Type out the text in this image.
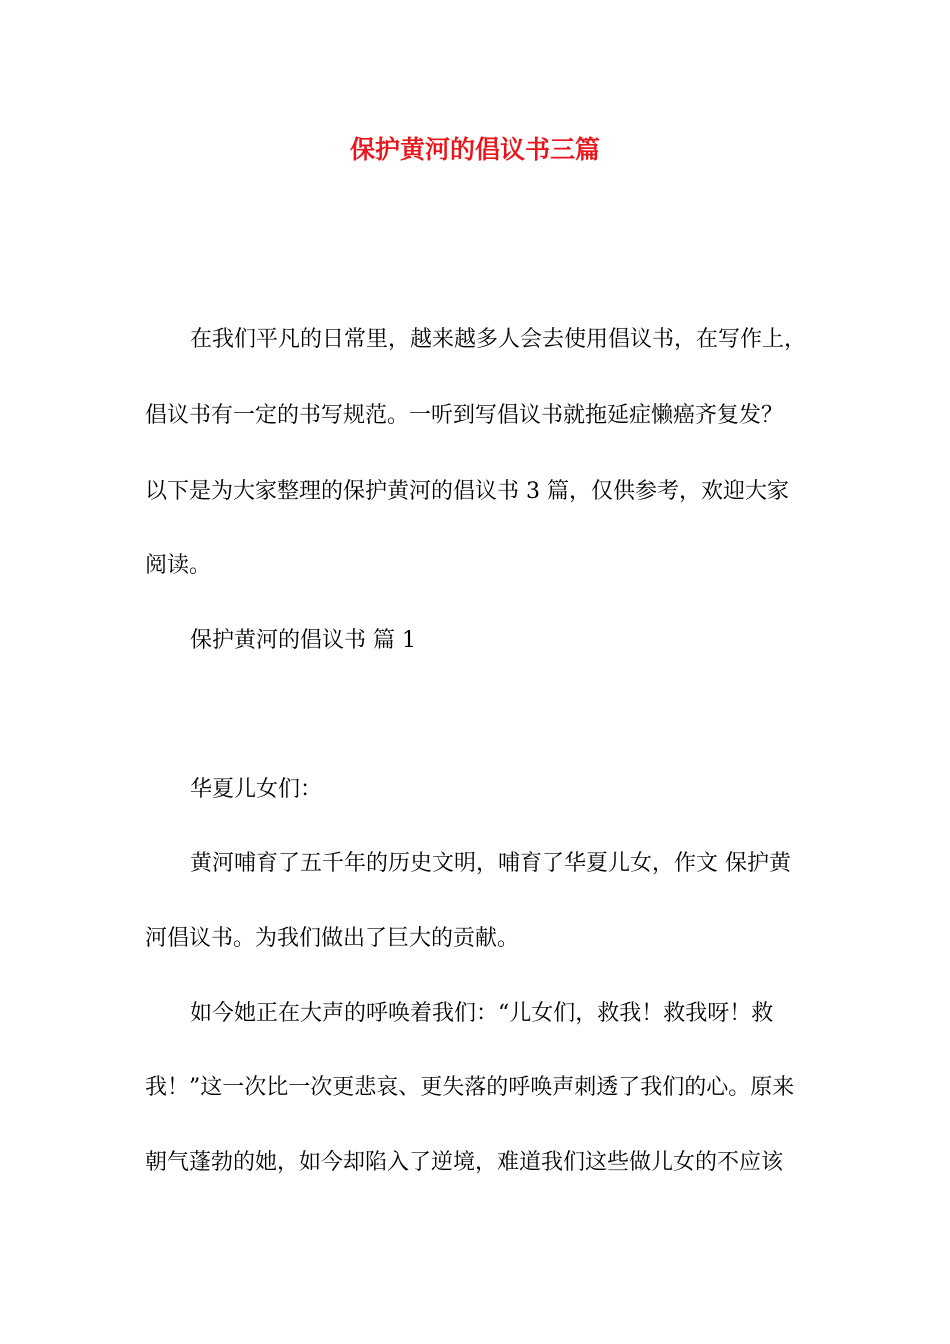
保护黄河的倡议书三篇
在我们平凡的日常里，越来越多人会去使用倡议书，在写作上，
倡议书有一定的书写规范。一听到写倡议书就拖延症懒癌齐复发？
以下是为大家整理的保护黄河的倡议书 3 篇，仅供参考，欢迎大家
阅读。
保护黄河的倡议书 篇 1
华夏儿女们：
黄河哺育了五千年的历史文明，哺育了华夏儿女，作文 保护黄
河倡议书。为我们做出了巨大的贡献。
如今她正在大声的呼唤着我们：“儿女们，救我！救我呀！救
我！”这一次比一次更悲哀、更失落的呼唤声刺透了我们的心。原来
朝气蓬勃的她，如今却陷入了逆境，难道我们这些做儿女的不应该
